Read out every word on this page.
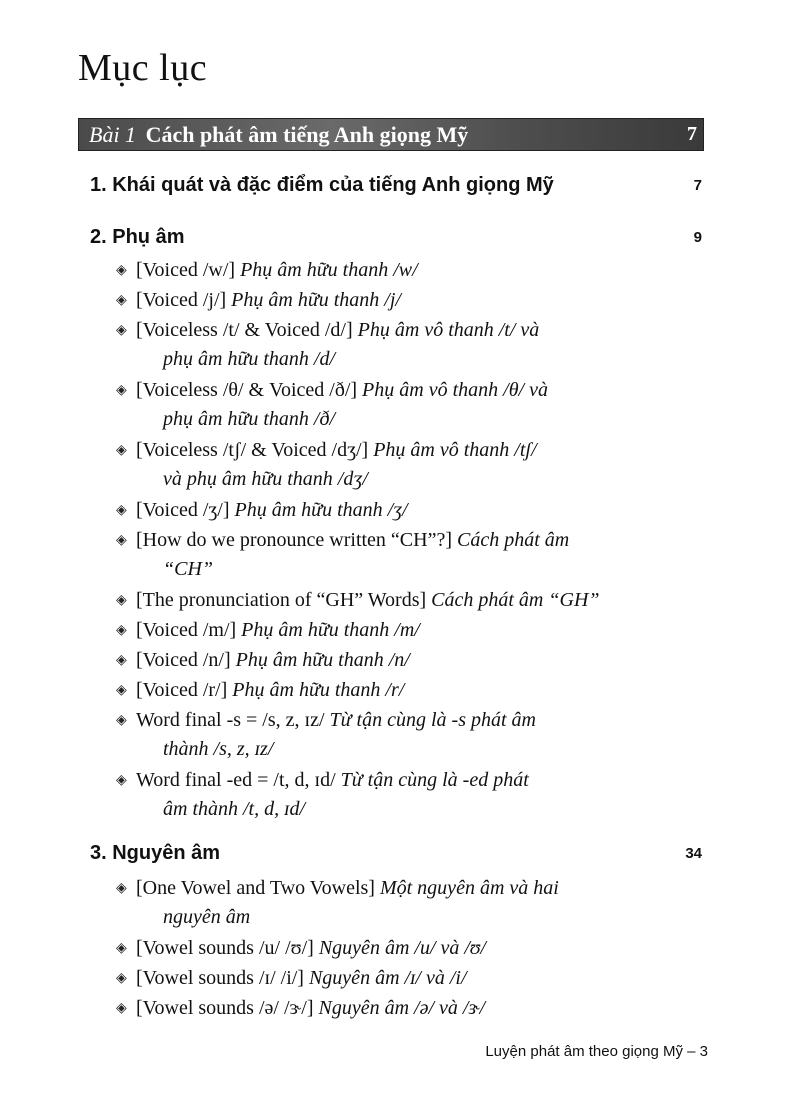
Mục lục
Bài 1 Cách phát âm tiếng Anh giọng Mỹ	7
1. Khái quát và đặc điểm của tiếng Anh giọng Mỹ	7
2. Phụ âm	9
◈ [Voiced /w/] Phụ âm hữu thanh /w/
◈ [Voiced /j/] Phụ âm hữu thanh /j/
◈ [Voiceless /t/ & Voiced /d/] Phụ âm vô thanh /t/ và
phụ âm hữu thanh /d/
◈ [Voiceless /θ/ & Voiced /ð/] Phụ âm vô thanh /θ/ và
phụ âm hữu thanh /ð/
◈ [Voiceless /tʃ/ & Voiced /dʒ/] Phụ âm vô thanh /tʃ/
và phụ âm hữu thanh /dʒ/
◈ [Voiced /ʒ/] Phụ âm hữu thanh /ʒ/
◈ [How do we pronounce written “CH”?] Cách phát âm
“CH”
◈ [The pronunciation of “GH” Words] Cách phát âm “GH”
◈ [Voiced /m/] Phụ âm hữu thanh /m/
◈ [Voiced /n/] Phụ âm hữu thanh /n/
◈ [Voiced /r/] Phụ âm hữu thanh /r/
◈ Word final -s = /s, z, ɪz/ Từ tận cùng là -s phát âm
thành /s, z, ɪz/
◈ Word final -ed = /t, d, ɪd/ Từ tận cùng là -ed phát
âm thành /t, d, ɪd/
3. Nguyên âm	34
◈ [One Vowel and Two Vowels] Một nguyên âm và hai
nguyên âm
◈ [Vowel sounds /u/ /ʊ/] Nguyên âm /u/ và /ʊ/
◈ [Vowel sounds /ɪ/ /i/] Nguyên âm /ɪ/ và /i/
◈ [Vowel sounds /ə/ /ɝ/] Nguyên âm /ə/ và /ɝ/
Luyện phát âm theo giọng Mỹ – 3
